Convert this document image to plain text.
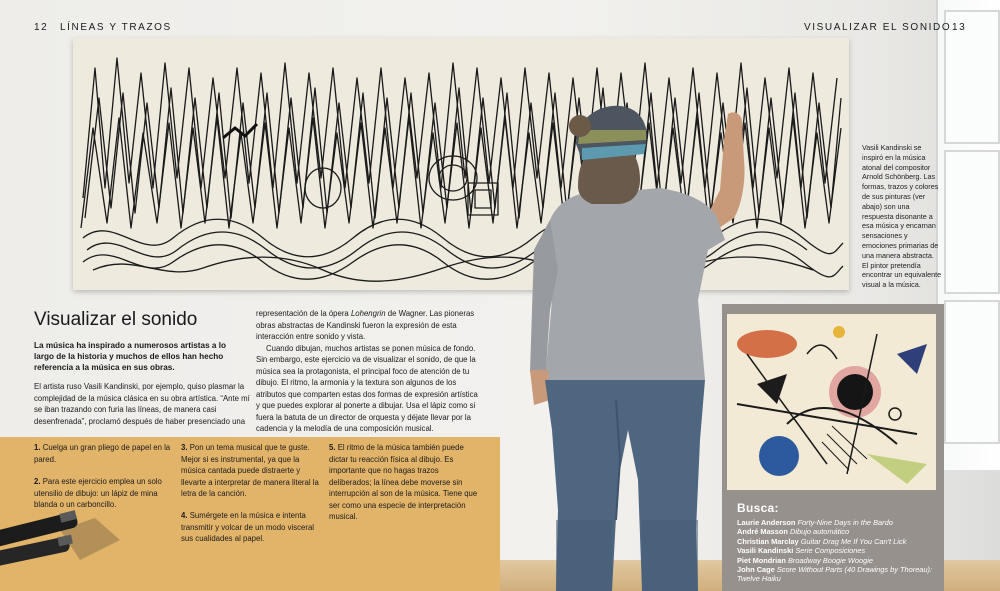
12 LÍNEAS Y TRAZOS	VISUALIZAR EL SONIDO 13
Vasili Kandinski se inspiró en la música atonal del compositor Arnold Schönberg. Las formas, trazos y colores de sus pinturas (ver abajo) son una respuesta disonante a esa música y encarnan sensaciones y emociones primarias de una manera abstracta. El pintor pretendía encontrar un equivalente visual a la música.
Visualizar el sonido
La música ha inspirado a numerosos artistas a lo largo de la historia y muchos de ellos han hecho referencia a la música en sus obras.
El artista ruso Vasili Kandinski, por ejemplo, quiso plasmar la complejidad de la música clásica en su obra artística. “Ante mí se iban trazando con furia las líneas, de manera casi desenfrenada”, proclamó después de haber presenciado una

representación de la ópera Lohengrin de Wagner. Las pioneras obras abstractas de Kandinski fueron la expresión de esta interacción entre sonido y vista.

Cuando dibujan, muchos artistas se ponen música de fondo. Sin embargo, este ejercicio va de visualizar el sonido, de que la música sea la protagonista, el principal foco de atención de tu dibujo. El ritmo, la armonía y la textura son algunos de los atributos que comparten estas dos formas de expresión artística y que puedes explorar al ponerte a dibujar. Usa el lápiz como si fuera la batuta de un director de orquesta y déjate llevar por la cadencia y la melodía de una composición musical.

1. Cuelga un gran pliego de papel en la pared.
2. Para este ejercicio emplea un solo utensilio de dibujo: un lápiz de mina blanda o un carboncillo.
3. Pon un tema musical que te guste. Mejor si es instrumental, ya que la música cantada puede distraerte y llevarte a interpretar de manera literal la letra de la canción.
4. Sumérgete en la música e intenta transmitir y volcar de un modo visceral sus cualidades al papel.
5. El ritmo de la música también puede dictar tu reacción física al dibujo. Es importante que no hagas trazos deliberados; la línea debe moverse sin interrupción al son de la música. Tiene que ser como una especie de interpretación musical.
Busca:
Laurie Anderson Forty-Nine Days in the Bardo
André Masson Dibujo automático
Christian Marclay Guitar Drag Me If You Can't Lick
Vasili Kandinski Serie Composiciones
Piet Mondrian Broadway Boogie Woogie
John Cage Score Without Parts (40 Drawings by Thoreau): Twelve Haiku
